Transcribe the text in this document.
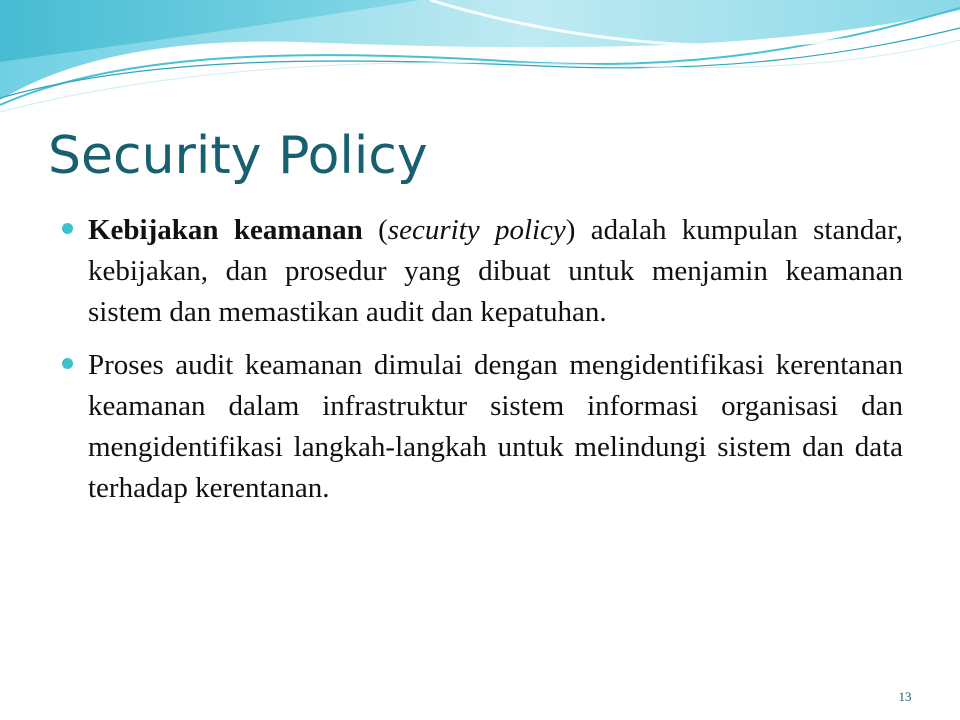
Security Policy

Kebijakan keamanan (security policy) adalah kumpulan standar, kebijakan, dan prosedur yang dibuat untuk menjamin keamanan sistem dan memastikan audit dan kepatuhan.

Proses audit keamanan dimulai dengan mengidentifikasi kerentanan keamanan dalam infrastruktur sistem informasi organisasi dan mengidentifikasi langkah-langkah untuk melindungi sistem dan data terhadap kerentanan.

13
